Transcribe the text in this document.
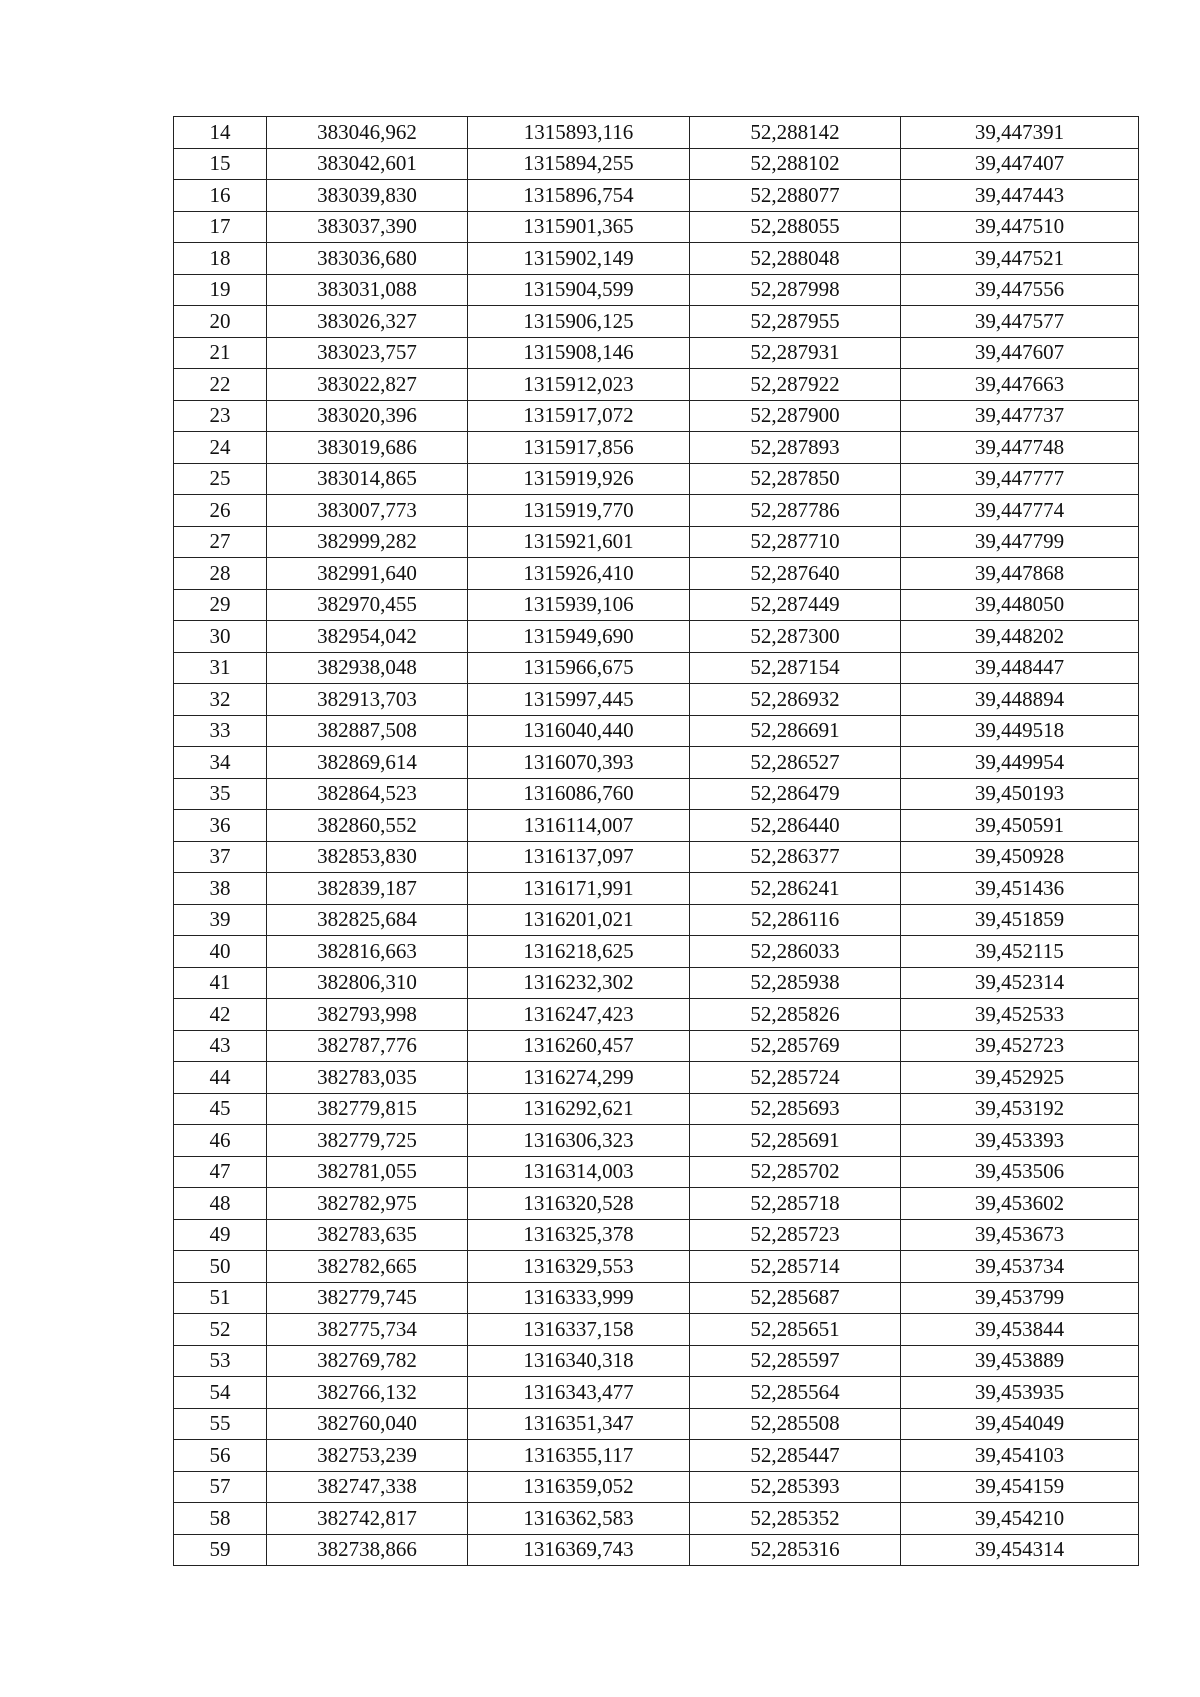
14	383046,962	1315893,116	52,288142	39,447391
15	383042,601	1315894,255	52,288102	39,447407
16	383039,830	1315896,754	52,288077	39,447443
17	383037,390	1315901,365	52,288055	39,447510
18	383036,680	1315902,149	52,288048	39,447521
19	383031,088	1315904,599	52,287998	39,447556
20	383026,327	1315906,125	52,287955	39,447577
21	383023,757	1315908,146	52,287931	39,447607
22	383022,827	1315912,023	52,287922	39,447663
23	383020,396	1315917,072	52,287900	39,447737
24	383019,686	1315917,856	52,287893	39,447748
25	383014,865	1315919,926	52,287850	39,447777
26	383007,773	1315919,770	52,287786	39,447774
27	382999,282	1315921,601	52,287710	39,447799
28	382991,640	1315926,410	52,287640	39,447868
29	382970,455	1315939,106	52,287449	39,448050
30	382954,042	1315949,690	52,287300	39,448202
31	382938,048	1315966,675	52,287154	39,448447
32	382913,703	1315997,445	52,286932	39,448894
33	382887,508	1316040,440	52,286691	39,449518
34	382869,614	1316070,393	52,286527	39,449954
35	382864,523	1316086,760	52,286479	39,450193
36	382860,552	1316114,007	52,286440	39,450591
37	382853,830	1316137,097	52,286377	39,450928
38	382839,187	1316171,991	52,286241	39,451436
39	382825,684	1316201,021	52,286116	39,451859
40	382816,663	1316218,625	52,286033	39,452115
41	382806,310	1316232,302	52,285938	39,452314
42	382793,998	1316247,423	52,285826	39,452533
43	382787,776	1316260,457	52,285769	39,452723
44	382783,035	1316274,299	52,285724	39,452925
45	382779,815	1316292,621	52,285693	39,453192
46	382779,725	1316306,323	52,285691	39,453393
47	382781,055	1316314,003	52,285702	39,453506
48	382782,975	1316320,528	52,285718	39,453602
49	382783,635	1316325,378	52,285723	39,453673
50	382782,665	1316329,553	52,285714	39,453734
51	382779,745	1316333,999	52,285687	39,453799
52	382775,734	1316337,158	52,285651	39,453844
53	382769,782	1316340,318	52,285597	39,453889
54	382766,132	1316343,477	52,285564	39,453935
55	382760,040	1316351,347	52,285508	39,454049
56	382753,239	1316355,117	52,285447	39,454103
57	382747,338	1316359,052	52,285393	39,454159
58	382742,817	1316362,583	52,285352	39,454210
59	382738,866	1316369,743	52,285316	39,454314
